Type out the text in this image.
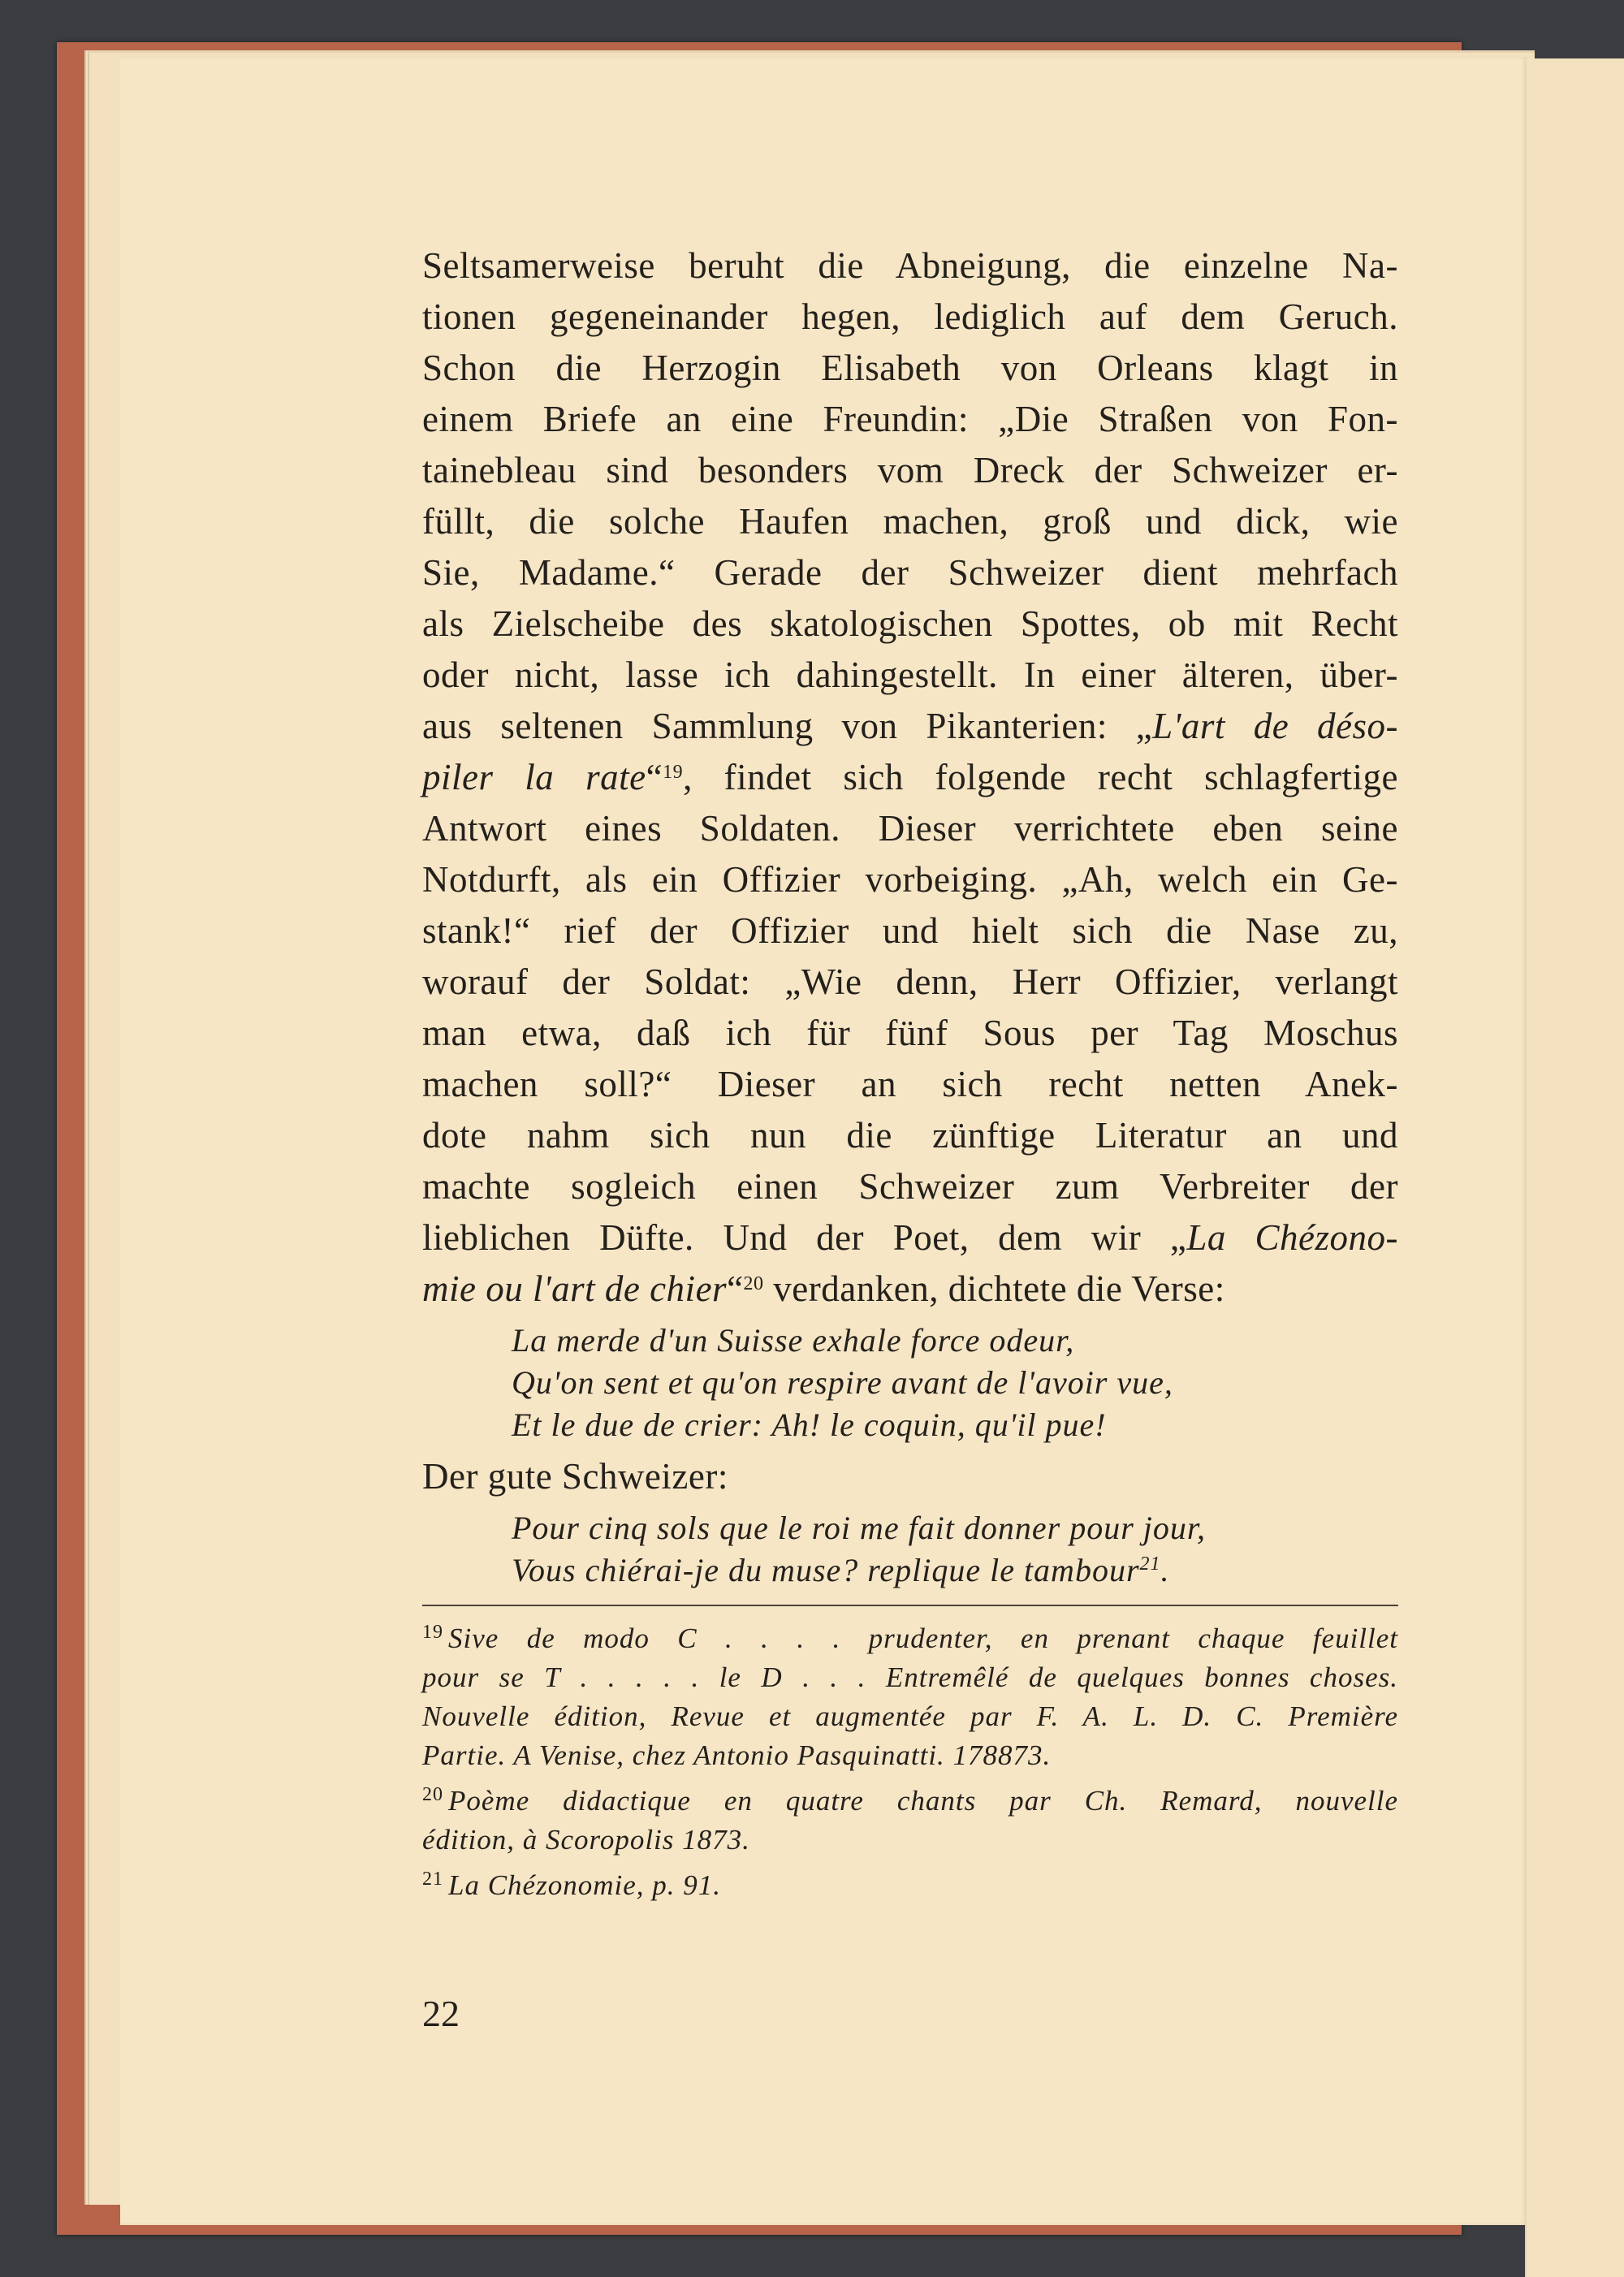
Seltsamerweise beruht die Abneigung, die einzelne Na-
tionen gegeneinander hegen, lediglich auf dem Geruch.
Schon die Herzogin Elisabeth von Orleans klagt in
einem Briefe an eine Freundin: „Die Straßen von Fon-
tainebleau sind besonders vom Dreck der Schweizer er-
füllt, die solche Haufen machen, groß und dick, wie
Sie, Madame.“ Gerade der Schweizer dient mehrfach
als Zielscheibe des skatologischen Spottes, ob mit Recht
oder nicht, lasse ich dahingestellt. In einer älteren, über-
aus seltenen Sammlung von Pikanterien: „L'art de déso-
piler la rate“$^{19}$, findet sich folgende recht schlagfertige
Antwort eines Soldaten. Dieser verrichtete eben seine
Notdurft, als ein Offizier vorbeiging. „Ah, welch ein Ge-
stank!“ rief der Offizier und hielt sich die Nase zu,
worauf der Soldat: „Wie denn, Herr Offizier, verlangt
man etwa, daß ich für fünf Sous per Tag Moschus
machen soll?“ Dieser an sich recht netten Anek-
dote nahm sich nun die zünftige Literatur an und
machte sogleich einen Schweizer zum Verbreiter der
lieblichen Düfte. Und der Poet, dem wir „La Chézono-
mie ou l'art de chier“$^{20}$ verdanken, dichtete die Verse:
La merde d'un Suisse exhale force odeur,
Qu'on sent et qu'on respire avant de l'avoir vue,
Et le due de crier: Ah! le coquin, qu'il pue!
Der gute Schweizer:
Pour cinq sols que le roi me fait donner pour jour,
Vous chiérai-je du muse? replique le tambour$^{21}$.
$^{19}$ Sive de modo C . . . . prudenter, en prenant chaque feuillet
pour se T . . . . . le D . . . Entremêlé de quelques bonnes choses.
Nouvelle édition, Revue et augmentée par F. A. L. D. C. Première
Partie. A Venise, chez Antonio Pasquinatti. 178873.
$^{20}$ Poème didactique en quatre chants par Ch. Remard, nouvelle
édition, à Scoropolis 1873.
$^{21}$ La Chézonomie, p. 91.
22
